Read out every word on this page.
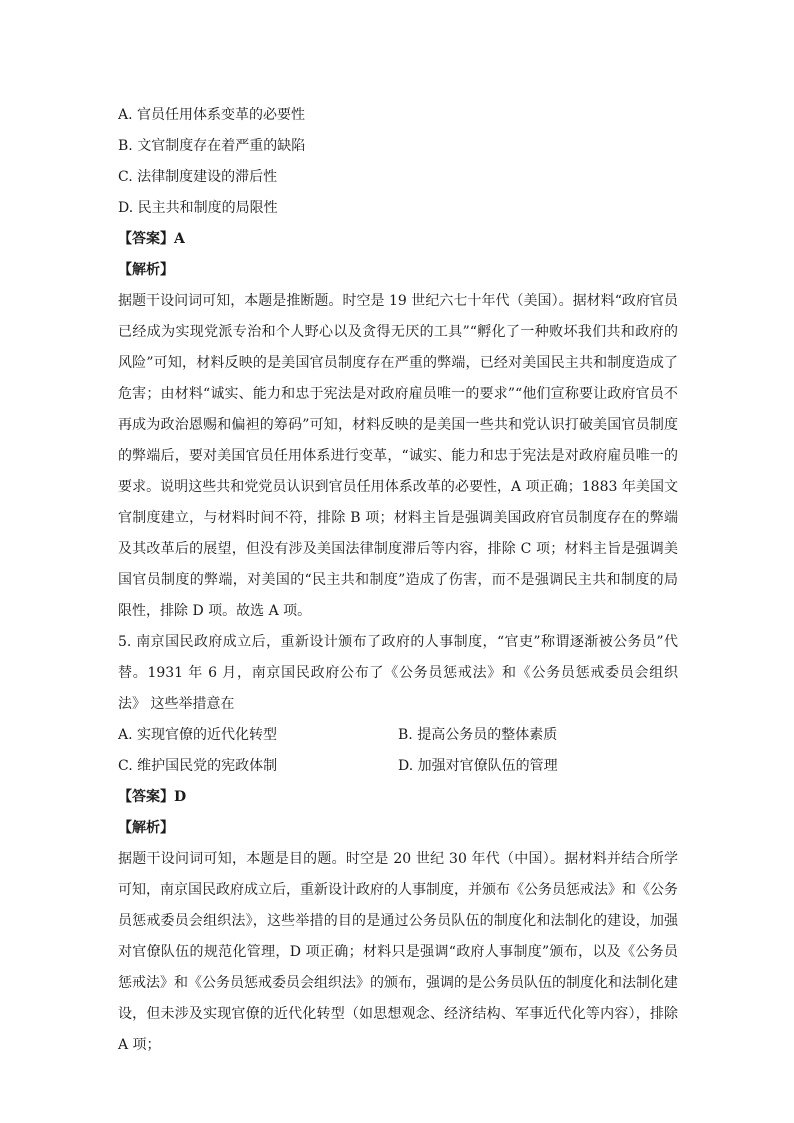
A. 官员任用体系变革的必要性
B. 文官制度存在着严重的缺陷
C. 法律制度建设的滞后性
D. 民主共和制度的局限性
【答案】A
【解析】
据题干设问词可知，本题是推断题。时空是 19 世纪六七十年代（美国）。据材料“政府官员已经成为实现党派专治和个人野心以及贪得无厌的工具”“孵化了一种败坏我们共和政府的风险”可知，材料反映的是美国官员制度存在严重的弊端，已经对美国民主共和制度造成了危害；由材料“诚实、能力和忠于宪法是对政府雇员唯一的要求”“他们宣称要让政府官员不再成为政治恩赐和偏袒的筹码”可知，材料反映的是美国一些共和党认识打破美国官员制度的弊端后，要对美国官员任用体系进行变革，“诚实、能力和忠于宪法是对政府雇员唯一的要求。说明这些共和党党员认识到官员任用体系改革的必要性，A 项正确；1883 年美国文官制度建立，与材料时间不符，排除 B 项；材料主旨是强调美国政府官员制度存在的弊端及其改革后的展望，但没有涉及美国法律制度滞后等内容，排除 C 项；材料主旨是强调美国官员制度的弊端，对美国的“民主共和制度”造成了伤害，而不是强调民主共和制度的局限性，排除 D 项。故选 A 项。
5. 南京国民政府成立后，重新设计颁布了政府的人事制度，“官吏”称谓逐渐被公务员”代替。1931 年 6 月，南京国民政府公布了《公务员惩戒法》和《公务员惩戒委员会组织法》 这些举措意在
A. 实现官僚的近代化转型	B. 提高公务员的整体素质
C. 维护国民党的宪政体制	D. 加强对官僚队伍的管理
【答案】D
【解析】
据题干设问词可知，本题是目的题。时空是 20 世纪 30 年代（中国）。据材料并结合所学可知，南京国民政府成立后，重新设计政府的人事制度，并颁布《公务员惩戒法》和《公务员惩戒委员会组织法》，这些举措的目的是通过公务员队伍的制度化和法制化的建设，加强对官僚队伍的规范化管理，D 项正确；材料只是强调“政府人事制度”颁布，以及《公务员惩戒法》和《公务员惩戒委员会组织法》的颁布，强调的是公务员队伍的制度化和法制化建设，但未涉及实现官僚的近代化转型（如思想观念、经济结构、军事近代化等内容），排除 A 项；
